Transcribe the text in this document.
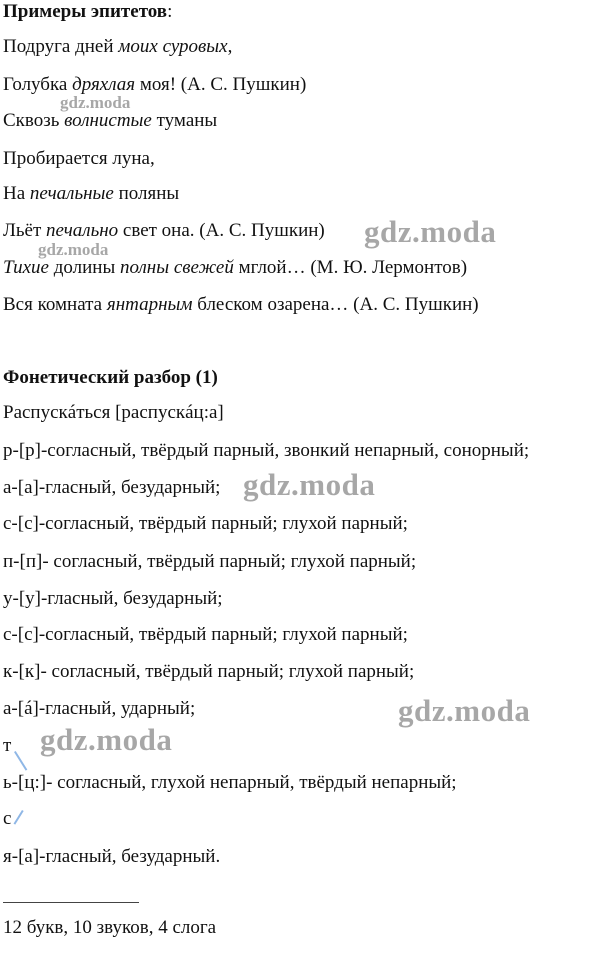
Примеры эпитетов:
Подруга дней моих суровых,
Голубка дряхлая моя! (А. С. Пушкин)
Сквозь волнистые туманы
Пробирается луна,
На печальные поляны
Льёт печально свет она. (А. С. Пушкин)
Тихие долины полны свежей мглой… (М. Ю. Лермонтов)
Вся комната янтарным блеском озарена… (А. С. Пушкин)
Фонетический разбор (1)
Распускáться [распускáц:а]
р-[р]-согласный, твёрдый парный, звонкий непарный, сонорный;
а-[а]-гласный, безударный;
с-[с]-согласный, твёрдый парный; глухой парный;
п-[п]- согласный, твёрдый парный; глухой парный;
у-[у]-гласный, безударный;
с-[с]-согласный, твёрдый парный; глухой парный;
к-[к]- согласный, твёрдый парный; глухой парный;
а-[á]-гласный, ударный;
т
ь-[ц:]- согласный, глухой непарный, твёрдый непарный;
с
я-[а]-гласный, безударный.
12 букв, 10 звуков, 4 слога
gdz.moda
gdz.moda
gdz.moda
gdz.moda
gdz.moda
gdz.moda
